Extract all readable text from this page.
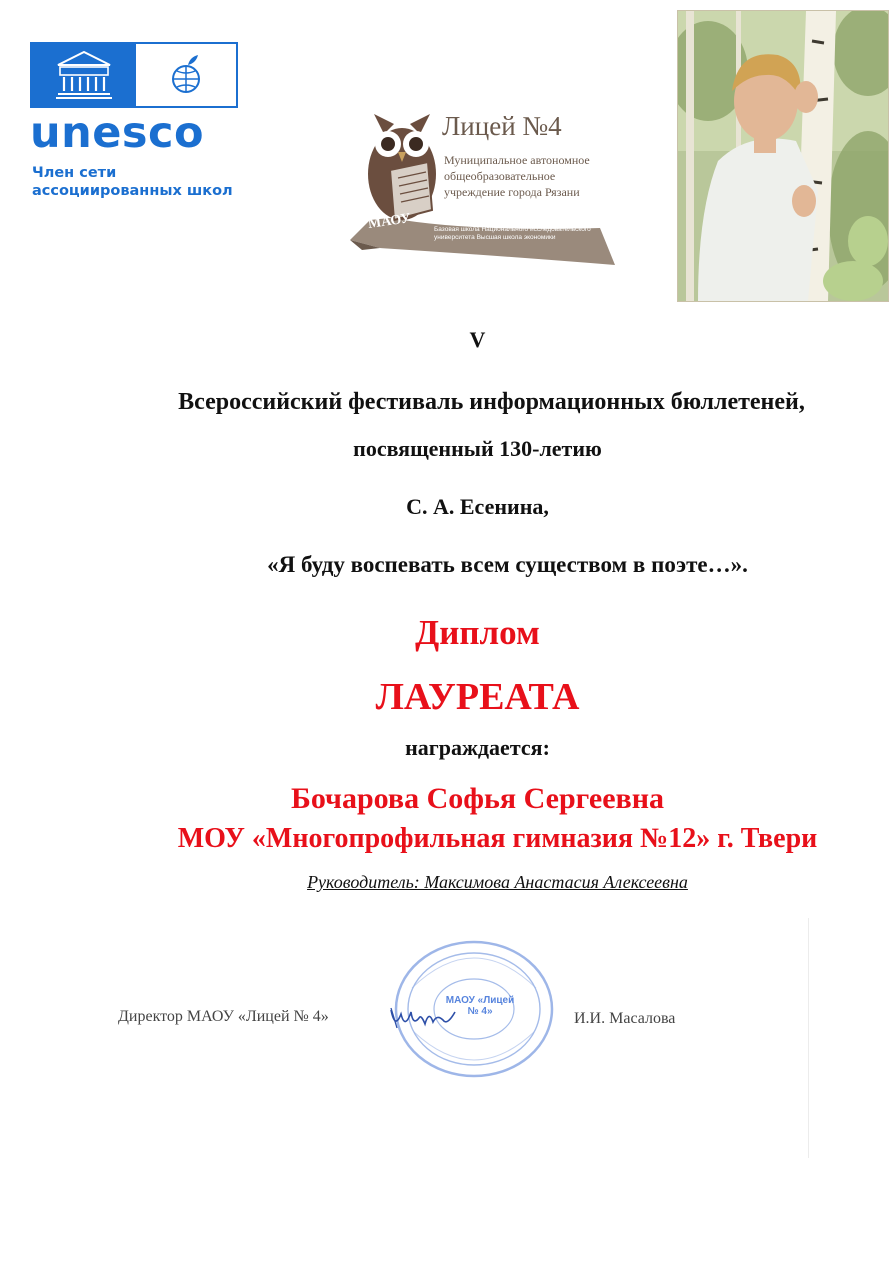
unesco
Член сети
ассоциированных школ
МАОУ
Лицей №4
Муниципальное автономное
общеобразовательное
учреждение города Рязани
Базовая школа Национального исследовательского университета Высшая школа экономики
V
Всероссийский фестиваль информационных бюллетеней,
посвященный 130-летию
С. А. Есенина,
«Я буду воспевать всем существом в поэте…».
Диплом
ЛАУРЕАТА
награждается:
Бочарова Софья Сергеевна
МОУ «Многопрофильная гимназия №12» г. Твери
Руководитель: Максимова Анастасия Алексеевна
МАОУ «Лицей № 4»
Директор МАОУ «Лицей № 4»	И.И. Масалова
